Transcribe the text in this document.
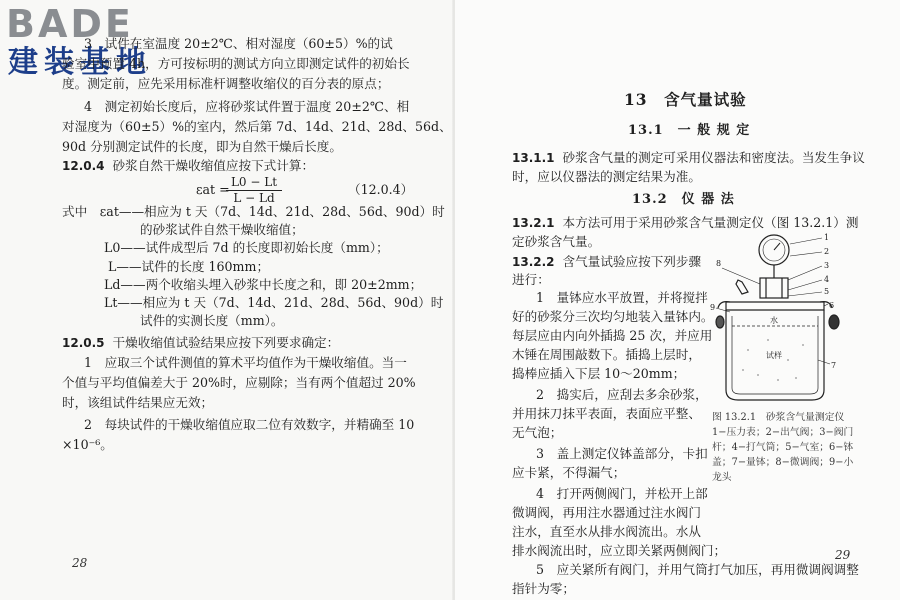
BADE
建装基地
3　试件在室温度 20±2℃、相对湿度（60±5）%的试
验室中预置 4h，方可按标明的测试方向立即测定试件的初始长
度。测定前，应先采用标准杆调整收缩仪的百分表的原点；
4　测定初始长度后，应将砂浆试件置于温度 20±2℃、相
对湿度为（60±5）%的室内，然后第 7d、14d、21d、28d、56d、
90d 分别测定试件的长度，即为自然干燥后长度。
12.0.4 砂浆自然干燥收缩值应按下式计算：
εat = L0 − Lt
L − Ld
（12.0.4）
式中　εat——相应为 t 天（7d、14d、21d、28d、56d、90d）时
的砂浆试件自然干燥收缩值；
L0——试件成型后 7d 的长度即初始长度（mm）；
L——试件的长度 160mm；
Ld——两个收缩头埋入砂浆中长度之和，即 20±2mm；
Lt——相应为 t 天（7d、14d、21d、28d、56d、90d）时
试件的实测长度（mm）。
12.0.5 干燥收缩值试验结果应按下列要求确定：
1　应取三个试件测值的算术平均值作为干燥收缩值。当一
个值与平均值偏差大于 20%时，应剔除；当有两个值超过 20%
时，该组试件结果应无效；
2　每块试件的干燥收缩值应取二位有效数字，并精确至 10
×10⁻⁶。
28
13　含气量试验
13.1　一 般 规 定
13.1.1 砂浆含气量的测定可采用仪器法和密度法。当发生争议
时，应以仪器法的测定结果为准。
13.2　仪 器 法
13.2.1 本方法可用于采用砂浆含气量测定仪（图 13.2.1）测
定砂浆含气量。
13.2.2 含气量试验应按下列步骤
进行：
1　量钵应水平放置，并将搅拌
好的砂浆分三次均匀地装入量钵内。
每层应由内向外插捣 25 次，并应用
木锤在周围敲数下。插捣上层时，
捣棒应插入下层 10～20mm；
2　捣实后，应刮去多余砂浆，
并用抹刀抹平表面，表面应平整、
无气泡；
3　盖上测定仪钵盖部分，卡扣
应卡紧，不得漏气；
4　打开两侧阀门，并松开上部
微调阀，再用注水器通过注水阀门
注水，直至水从排水阀流出。水从
排水阀流出时，应立即关紧两侧阀门；
5　应关紧所有阀门，并用气筒打气加压，再用微调阀调整
指针为零；
图 13.2.1　砂浆含气量测定仪
1−压力表；2−出气阀；3−阀门
杆；4−打气筒；5−气室；6−钵
盖；7−量钵；8−微调阀；9−小
龙头
29
1
2
3
4
5
6
7
8
9
水
试样
